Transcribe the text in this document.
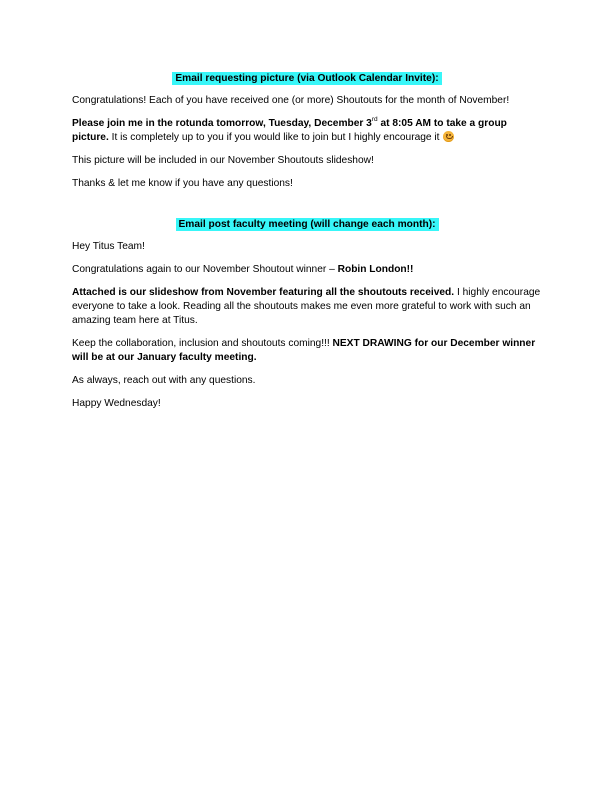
Email requesting picture (via Outlook Calendar Invite):

Congratulations! Each of you have received one (or more) Shoutouts for the month of November!

Please join me in the rotunda tomorrow, Tuesday, December 3rd at 8:05 AM to take a group picture. It is completely up to you if you would like to join but I highly encourage it

This picture will be included in our November Shoutouts slideshow!

Thanks & let me know if you have any questions!

Email post faculty meeting (will change each month):

Hey Titus Team!

Congratulations again to our November Shoutout winner – Robin London!!

Attached is our slideshow from November featuring all the shoutouts received. I highly encourage everyone to take a look. Reading all the shoutouts makes me even more grateful to work with such an amazing team here at Titus.

Keep the collaboration, inclusion and shoutouts coming!!! NEXT DRAWING for our December winner will be at our January faculty meeting.

As always, reach out with any questions.

Happy Wednesday!
